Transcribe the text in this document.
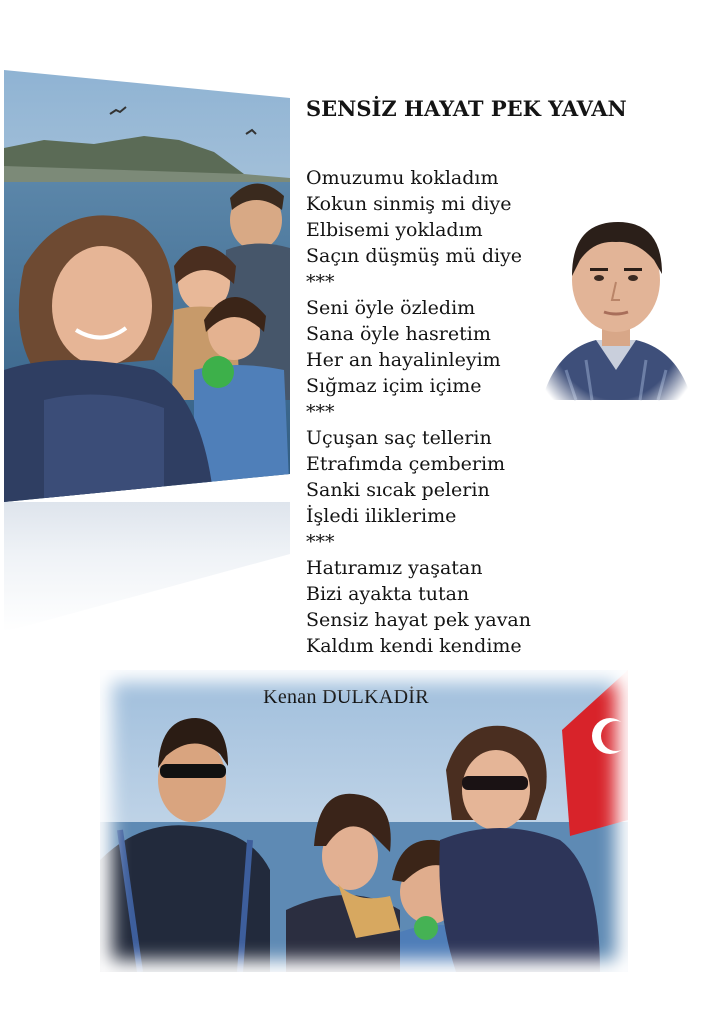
SENSİZ HAYAT PEK YAVAN
Omuzumu kokladım
Kokun sinmiş mi diye
Elbisemi yokladım
Saçın düşmüş mü diye
***
Seni öyle özledim
Sana öyle hasretim
Her an hayalinleyim
Sığmaz içim içime
***
Uçuşan saç tellerin
Etrafımda çemberim
Sanki sıcak pelerin
İşledi iliklerime
***
Hatıramız yaşatan
Bizi ayakta tutan
Sensiz hayat pek yavan
Kaldım kendi kendime
Kenan DULKADİR
